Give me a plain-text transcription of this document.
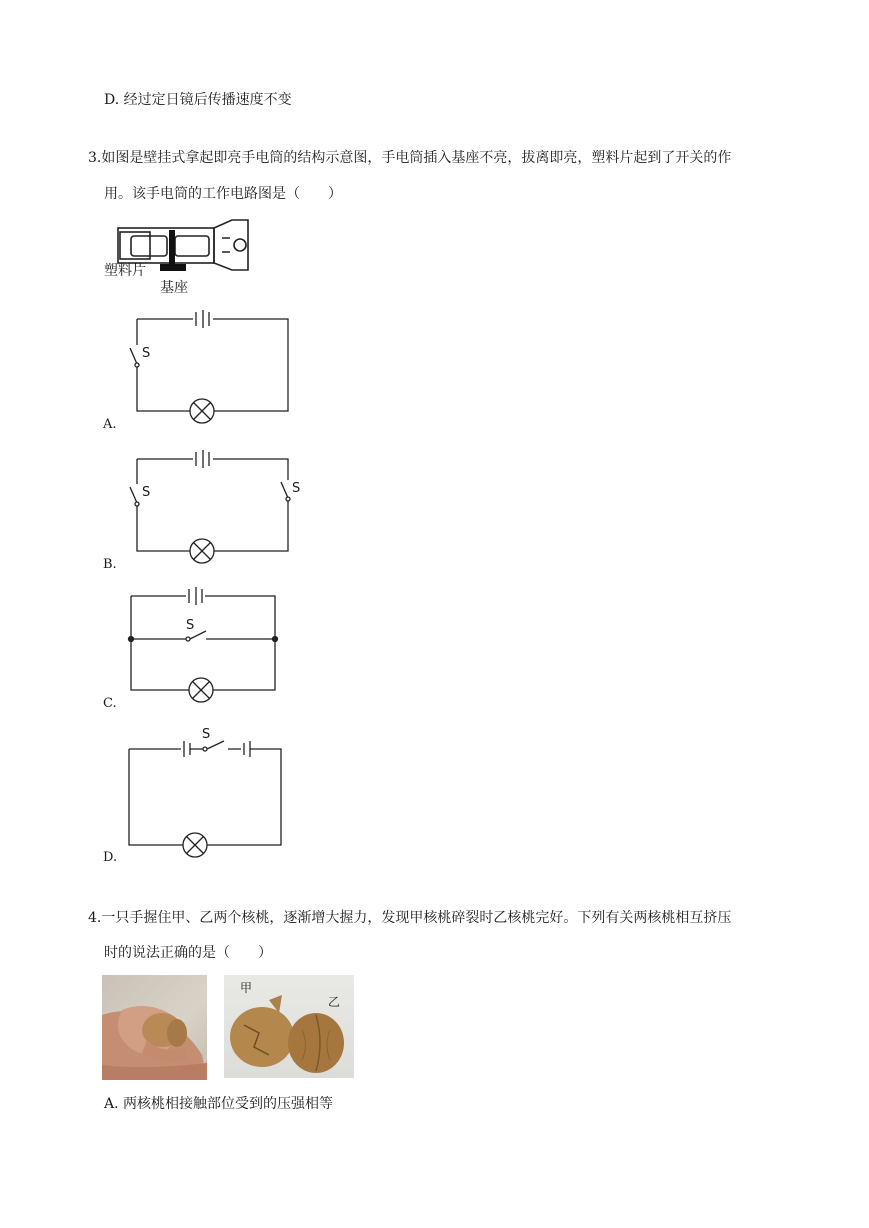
D. 经过定日镜后传播速度不变
3.如图是壁挂式拿起即亮手电筒的结构示意图，手电筒插入基座不亮，拔离即亮，塑料片起到了开关的作
用。该手电筒的工作电路图是（　　）
塑料片
基座
S
S	S
S
S
A.
B.
C.
D.
4.一只手握住甲、乙两个核桃，逐渐增大握力，发现甲核桃碎裂时乙核桃完好。下列有关两核桃相互挤压
时的说法正确的是（　　）
甲
乙
A. 两核桃相接触部位受到的压强相等
